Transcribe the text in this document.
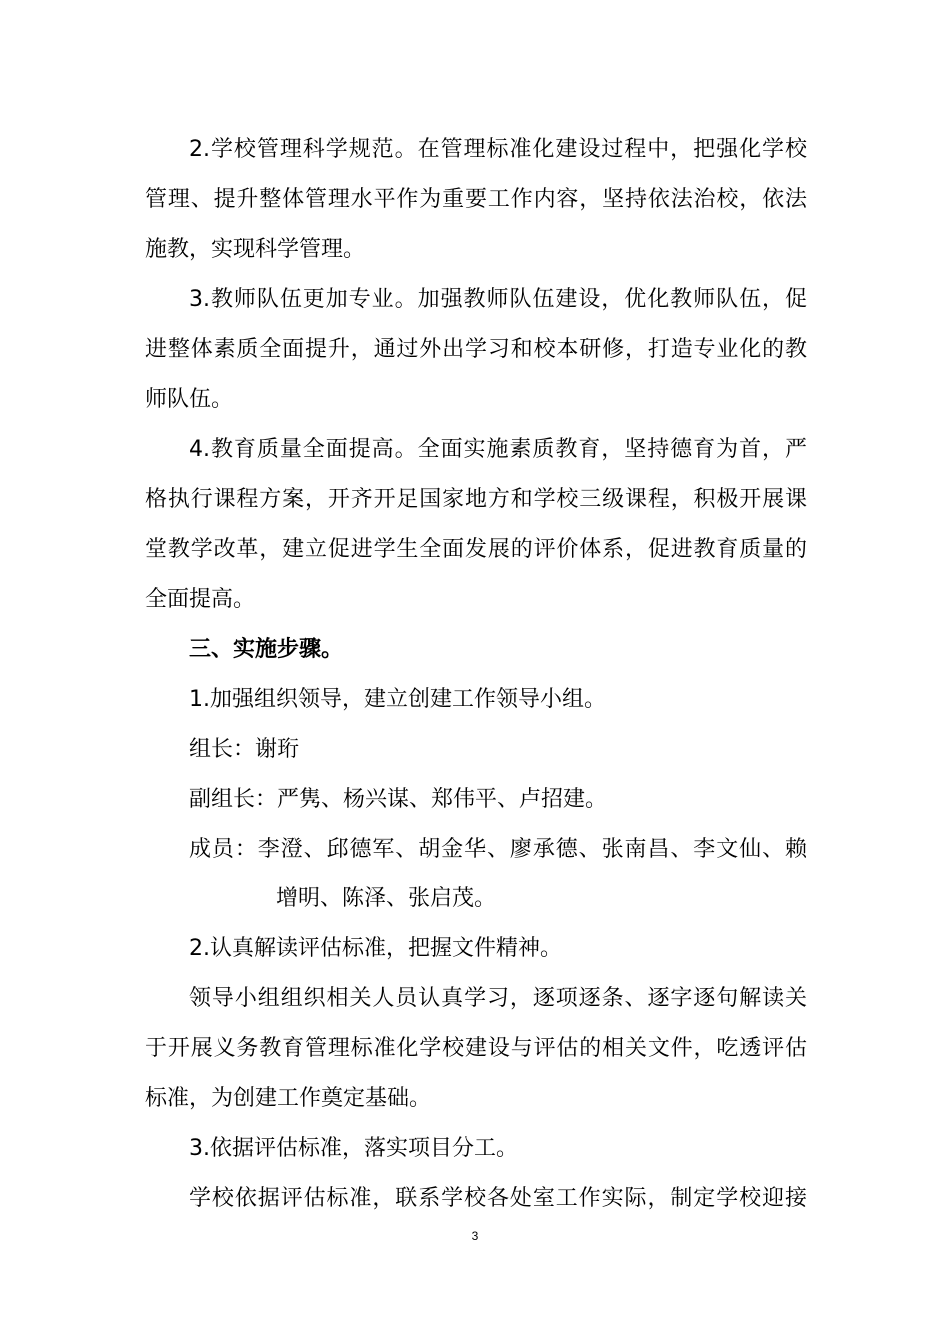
2.学校管理科学规范。在管理标准化建设过程中，把强化学校
管理、提升整体管理水平作为重要工作内容，坚持依法治校，依法
施教，实现科学管理。
3.教师队伍更加专业。加强教师队伍建设，优化教师队伍，促
进整体素质全面提升，通过外出学习和校本研修，打造专业化的教
师队伍。
4.教育质量全面提高。全面实施素质教育，坚持德育为首，严
格执行课程方案，开齐开足国家地方和学校三级课程，积极开展课
堂教学改革，建立促进学生全面发展的评价体系，促进教育质量的
全面提高。
三、实施步骤。
1.加强组织领导，建立创建工作领导小组。
组长：谢珩
副组长：严隽、杨兴谋、郑伟平、卢招建。
成员：李澄、邱德军、胡金华、廖承德、张南昌、李文仙、赖
增明、陈泽、张启茂。
2.认真解读评估标准，把握文件精神。
领导小组组织相关人员认真学习，逐项逐条、逐字逐句解读关
于开展义务教育管理标准化学校建设与评估的相关文件，吃透评估
标准，为创建工作奠定基础。
3.依据评估标准，落实项目分工。
学校依据评估标准，联系学校各处室工作实际，制定学校迎接
3
